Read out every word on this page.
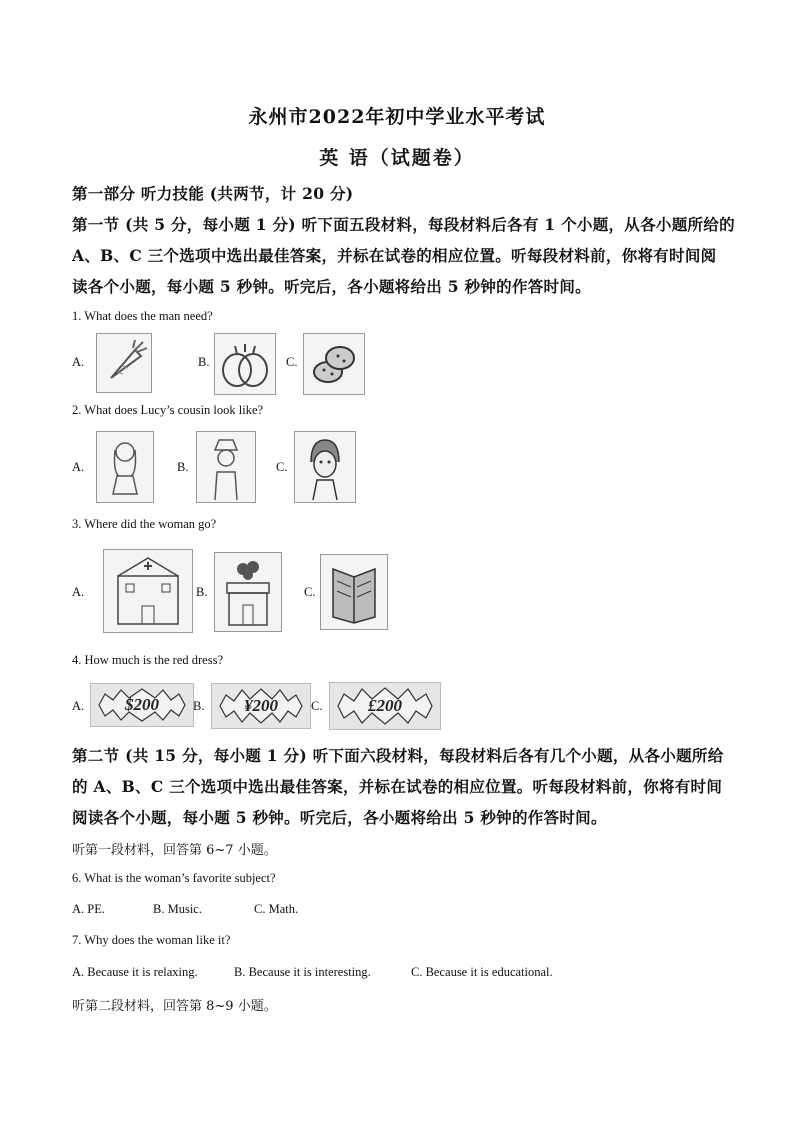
永州市2022年初中学业水平考试
英 语（试题卷）
第一部分 听力技能 (共两节，计 20 分)
第一节 (共 5 分，每小题 1 分) 听下面五段材料，每段材料后各有 1 个小题，从各小题所给的
A、B、C 三个选项中选出最佳答案，并标在试卷的相应位置。听每段材料前，你将有时间阅
读各个小题，每小题 5 秒钟。听完后，各小题将给出 5 秒钟的作答时间。
1. What does the man need?
A.	B.	C.
2. What does Lucy’s cousin look like?
A.	B.	C.
3. Where did the woman go?
A.	B.	C.
4. How much is the red dress?
A.	$200	B.	¥200	C.	£200
第二节 (共 15 分，每小题 1 分) 听下面六段材料，每段材料后各有几个小题，从各小题所给
的 A、B、C 三个选项中选出最佳答案，并标在试卷的相应位置。听每段材料前，你将有时间
阅读各个小题，每小题 5 秒钟。听完后，各小题将给出 5 秒钟的作答时间。
听第一段材料，回答第 6~7 小题。
6. What is the woman’s favorite subject?
A. PE.	B. Music.	C. Math.
7. Why does the woman like it?
A. Because it is relaxing.	B. Because it is interesting.	C. Because it is educational.
听第二段材料，回答第 8~9 小题。
